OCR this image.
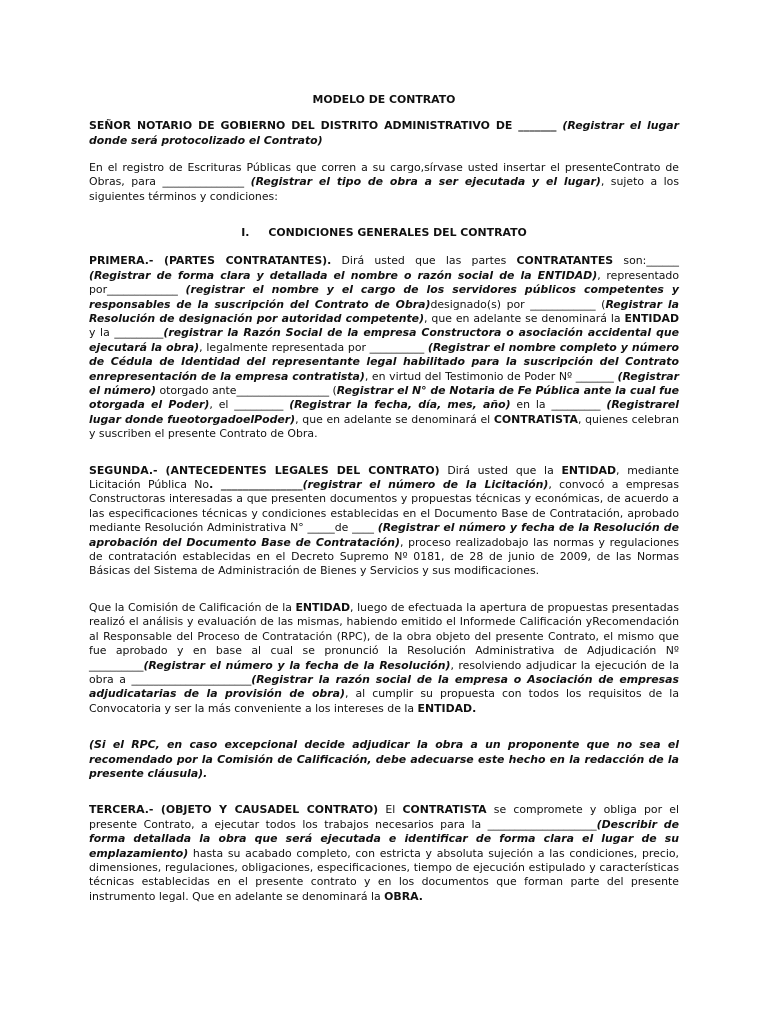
MODELO DE CONTRATO

SEÑOR NOTARIO DE GOBIERNO DEL DISTRITO ADMINISTRATIVO DE _______ (Registrar el lugar donde será protocolizado el Contrato)

En el registro de Escrituras Públicas que corren a su cargo,sírvase usted insertar el presenteContrato de Obras, para _______________ (Registrar el tipo de obra a ser ejecutada y el lugar), sujeto a los siguientes términos y condiciones:

I.     CONDICIONES GENERALES DEL CONTRATO

PRIMERA.- (PARTES CONTRATANTES). Dirá usted que las partes CONTRATANTES son:______ (Registrar de forma clara y detallada el nombre o razón social de la ENTIDAD), representado por_____________ (registrar el nombre y el cargo de los servidores públicos competentes y responsables de la suscripción del Contrato de Obra)designado(s) por ____________ (Registrar la Resolución de designación por autoridad competente), que en adelante se denominará la ENTIDAD y la _________(registrar la Razón Social de la empresa Constructora o asociación accidental que ejecutará la obra), legalmente representada por __________ (Registrar el nombre completo y número de Cédula de Identidad del representante legal habilitado para la suscripción del Contrato enrepresentación de la empresa contratista), en virtud del Testimonio de Poder Nº _______ (Registrar el número) otorgado ante_________________ (Registrar el N° de Notaria de Fe Pública ante la cual fue otorgada el Poder), el _________ (Registrar la fecha, día, mes, año) en la _________ (Registrarel lugar donde fueotorgadoelPoder), que en adelante se denominará el CONTRATISTA, quienes celebran y suscriben el presente Contrato de Obra.

SEGUNDA.- (ANTECEDENTES LEGALES DEL CONTRATO) Dirá usted que la ENTIDAD, mediante Licitación Pública No. _______________(registrar el número de la Licitación), convocó a empresas Constructoras interesadas a que presenten documentos y propuestas técnicas y económicas, de acuerdo a las especificaciones técnicas y condiciones establecidas en el Documento Base de Contratación, aprobado mediante Resolución Administrativa N° _____de ____ (Registrar el número y fecha de la Resolución de aprobación del Documento Base de Contratación), proceso realizadobajo las normas y regulaciones de contratación establecidas en el Decreto Supremo Nº 0181, de 28 de junio de 2009, de las Normas Básicas del Sistema de Administración de Bienes y Servicios y sus modificaciones.

Que la Comisión de Calificación de la ENTIDAD, luego de efectuada la apertura de propuestas presentadas realizó el análisis y evaluación de las mismas, habiendo emitido el Informede Calificación yRecomendación al Responsable del Proceso de Contratación (RPC), de la obra objeto del presente Contrato, el mismo que fue aprobado y en base al cual se pronunció la Resolución Administrativa de Adjudicación Nº __________(Registrar el número y la fecha de la Resolución), resolviendo adjudicar la ejecución de la obra a ______________________(Registrar la razón social de la empresa o Asociación de empresas adjudicatarias de la provisión de obra), al cumplir su propuesta con todos los requisitos de la Convocatoria y ser la más conveniente a los intereses de la ENTIDAD.

(Si el RPC, en caso excepcional decide adjudicar la obra a un proponente que no sea el recomendado por la Comisión de Calificación, debe adecuarse este hecho en la redacción de la presente cláusula).

TERCERA.- (OBJETO Y CAUSADEL CONTRATO) El CONTRATISTA se compromete y obliga por el presente Contrato, a ejecutar todos los trabajos necesarios para la ____________________(Describir de forma detallada la obra que será ejecutada e identificar de forma clara el lugar de su emplazamiento) hasta su acabado completo, con estricta y absoluta sujeción a las condiciones, precio, dimensiones, regulaciones, obligaciones, especificaciones, tiempo de ejecución estipulado y características técnicas establecidas en el presente contrato y en los documentos que forman parte del presente instrumento legal. Que en adelante se denominará la OBRA.
